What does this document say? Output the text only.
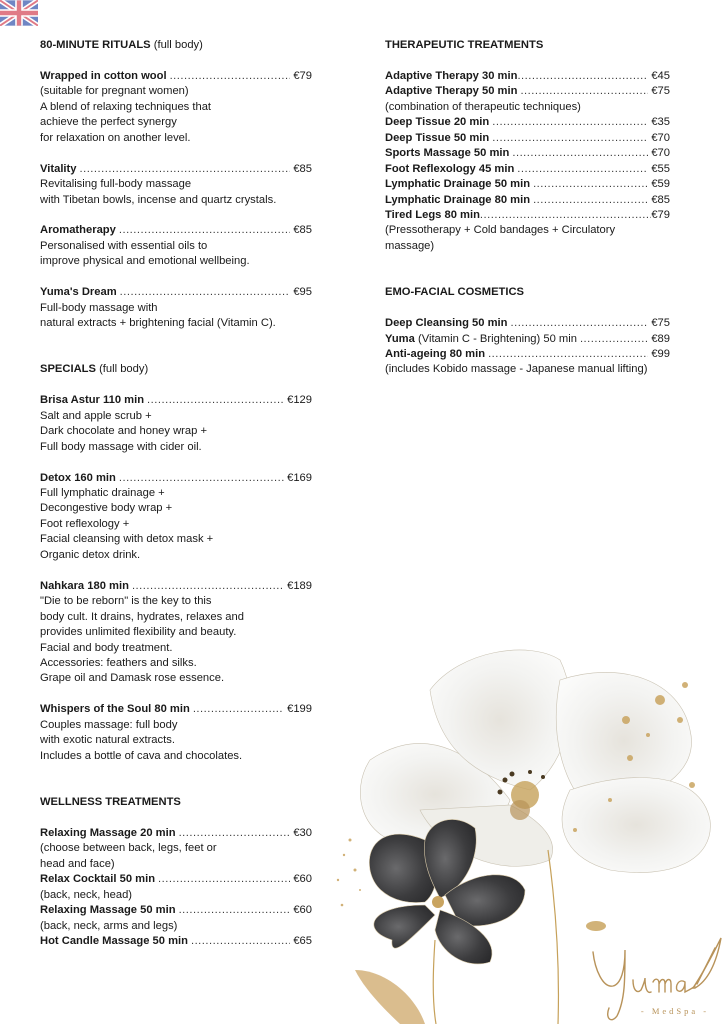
80-MINUTE RITUALS (full body)
Wrapped in cotton wool .....	€79
(suitable for pregnant women)
A blend of relaxing techniques that
achieve the perfect synergy
for relaxation on another level.
Vitality .....	€85
Revitalising full-body massage
with Tibetan bowls, incense and quartz crystals.
Aromatherapy .....	€85
Personalised with essential oils to
improve physical and emotional wellbeing.
Yuma's Dream .....	€95
Full-body massage with
natural extracts + brightening facial (Vitamin C).
SPECIALS (full body)
Brisa Astur 110 min .....	€129
Salt and apple scrub +
Dark chocolate and honey wrap +
Full body massage with cider oil.
Detox 160 min .....	€169
Full lymphatic drainage +
Decongestive body wrap +
Foot reflexology +
Facial cleansing with detox mask +
Organic detox drink.
Nahkara 180 min .....	€189
"Die to be reborn" is the key to this
body cult. It drains, hydrates, relaxes and
provides unlimited flexibility and beauty.
Facial and body treatment.
Accessories: feathers and silks.
Grape oil and Damask rose essence.
Whispers of the Soul 80 min .....	€199
Couples massage: full body
with exotic natural extracts.
Includes a bottle of cava and chocolates.
WELLNESS TREATMENTS
Relaxing Massage 20 min .....	€30
(choose between back, legs, feet or
head and face)
Relax Cocktail 50 min .....	€60
(back, neck, head)
Relaxing Massage 50 min .....	€60
(back, neck, arms and legs)
Hot Candle Massage 50 min .....	€65
THERAPEUTIC TREATMENTS
Adaptive Therapy 30 min .....	€45
Adaptive Therapy 50 min .....	€75
(combination of therapeutic techniques)
Deep Tissue 20 min .....	€35
Deep Tissue 50 min .....	€70
Sports Massage 50 min .....	€70
Foot Reflexology 45 min .....	€55
Lymphatic Drainage 50 min .....	€59
Lymphatic Drainage 80 min .....	€85
Tired Legs 80 min .....	€79
(Pressotherapy + Cold bandages + Circulatory
massage)
EMO-FACIAL COSMETICS
Deep Cleansing 50 min .....	€75
Yuma (Vitamin C - Brightening) 50 min .....	€89
Anti-ageing 80 min .....	€99
(includes Kobido massage - Japanese manual lifting)
- MedSpa -
